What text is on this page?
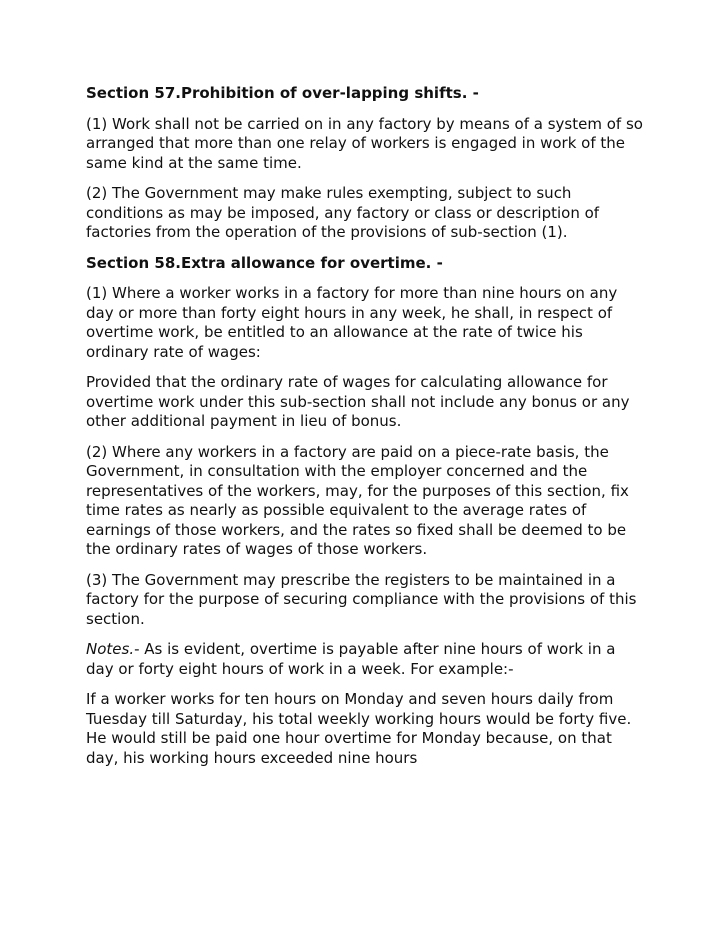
Section 57.Prohibition of over-lapping shifts. -

(1) Work shall not be carried on in any factory by means of a system of so arranged that more than one relay of workers is engaged in work of the same kind at the same time.

(2) The Government may make rules exempting, subject to such conditions as may be imposed, any factory or class or description of factories from the operation of the provisions of sub-section (1).

Section 58.Extra allowance for overtime. -

(1) Where a worker works in a factory for more than nine hours on any day or more than forty eight hours in any week, he shall, in respect of overtime work, be entitled to an allowance at the rate of twice his ordinary rate of wages:

Provided that the ordinary rate of wages for calculating allowance for overtime work under this sub-section shall not include any bonus or any other additional payment in lieu of bonus.

(2) Where any workers in a factory are paid on a piece-rate basis, the Government, in consultation with the employer concerned and the representatives of the workers, may, for the purposes of this section, fix time rates as nearly as possible equivalent to the average rates of earnings of those workers, and the rates so fixed shall be deemed to be the ordinary rates of wages of those workers.

(3) The Government may prescribe the registers to be maintained in a factory for the purpose of securing compliance with the provisions of this section.

Notes.- As is evident, overtime is payable after nine hours of work in a day or forty eight hours of work in a week. For example:-

If a worker works for ten hours on Monday and seven hours daily from Tuesday till Saturday, his total weekly working hours would be forty five. He would still be paid one hour overtime for Monday because, on that day, his working hours exceeded nine hours
